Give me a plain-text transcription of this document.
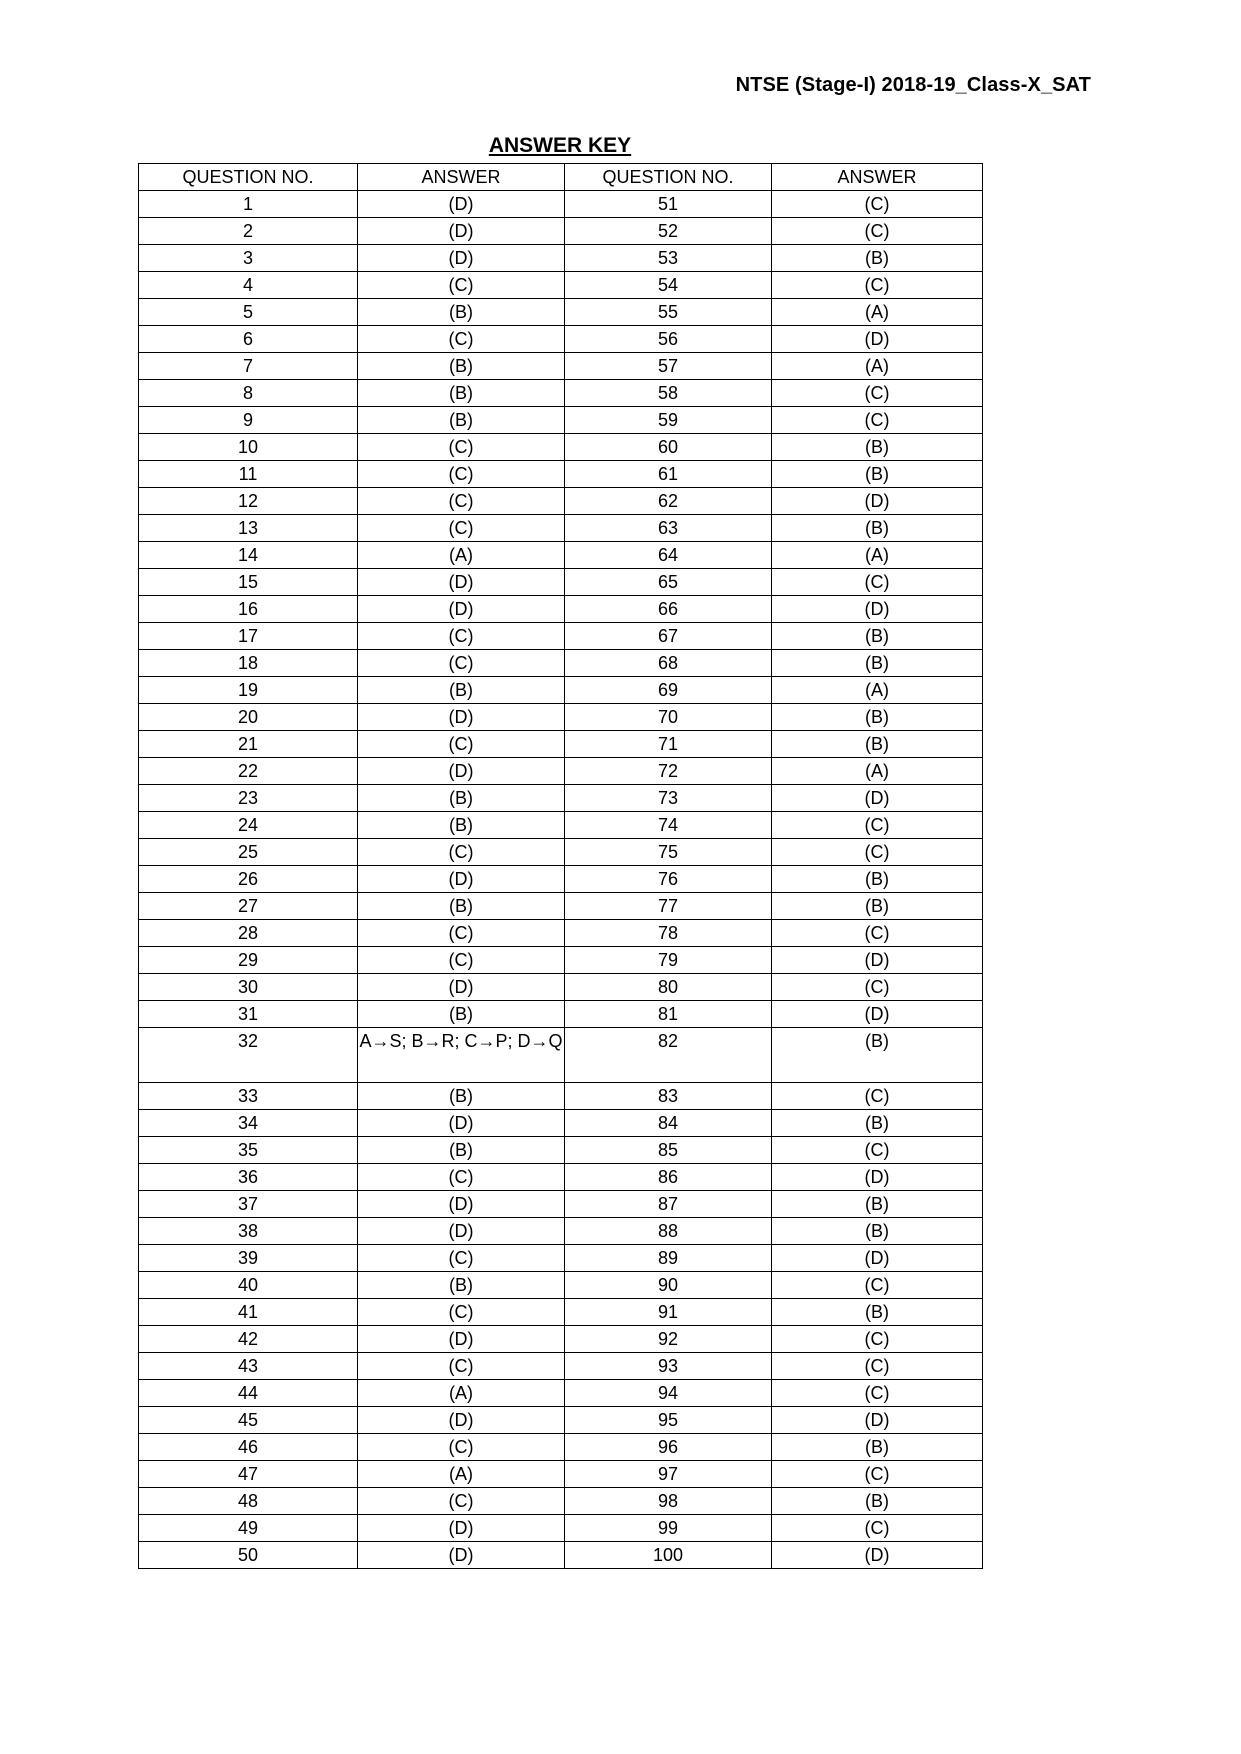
NTSE (Stage-I) 2018-19_Class-X_SAT
ANSWER KEY
QUESTION NO.	ANSWER	QUESTION NO.	ANSWER
1	(D)	51	(C)
2	(D)	52	(C)
3	(D)	53	(B)
4	(C)	54	(C)
5	(B)	55	(A)
6	(C)	56	(D)
7	(B)	57	(A)
8	(B)	58	(C)
9	(B)	59	(C)
10	(C)	60	(B)
11	(C)	61	(B)
12	(C)	62	(D)
13	(C)	63	(B)
14	(A)	64	(A)
15	(D)	65	(C)
16	(D)	66	(D)
17	(C)	67	(B)
18	(C)	68	(B)
19	(B)	69	(A)
20	(D)	70	(B)
21	(C)	71	(B)
22	(D)	72	(A)
23	(B)	73	(D)
24	(B)	74	(C)
25	(C)	75	(C)
26	(D)	76	(B)
27	(B)	77	(B)
28	(C)	78	(C)
29	(C)	79	(D)
30	(D)	80	(C)
31	(B)	81	(D)
32	A→S; B→R; C→P; D→Q	82	(B)
33	(B)	83	(C)
34	(D)	84	(B)
35	(B)	85	(C)
36	(C)	86	(D)
37	(D)	87	(B)
38	(D)	88	(B)
39	(C)	89	(D)
40	(B)	90	(C)
41	(C)	91	(B)
42	(D)	92	(C)
43	(C)	93	(C)
44	(A)	94	(C)
45	(D)	95	(D)
46	(C)	96	(B)
47	(A)	97	(C)
48	(C)	98	(B)
49	(D)	99	(C)
50	(D)	100	(D)
